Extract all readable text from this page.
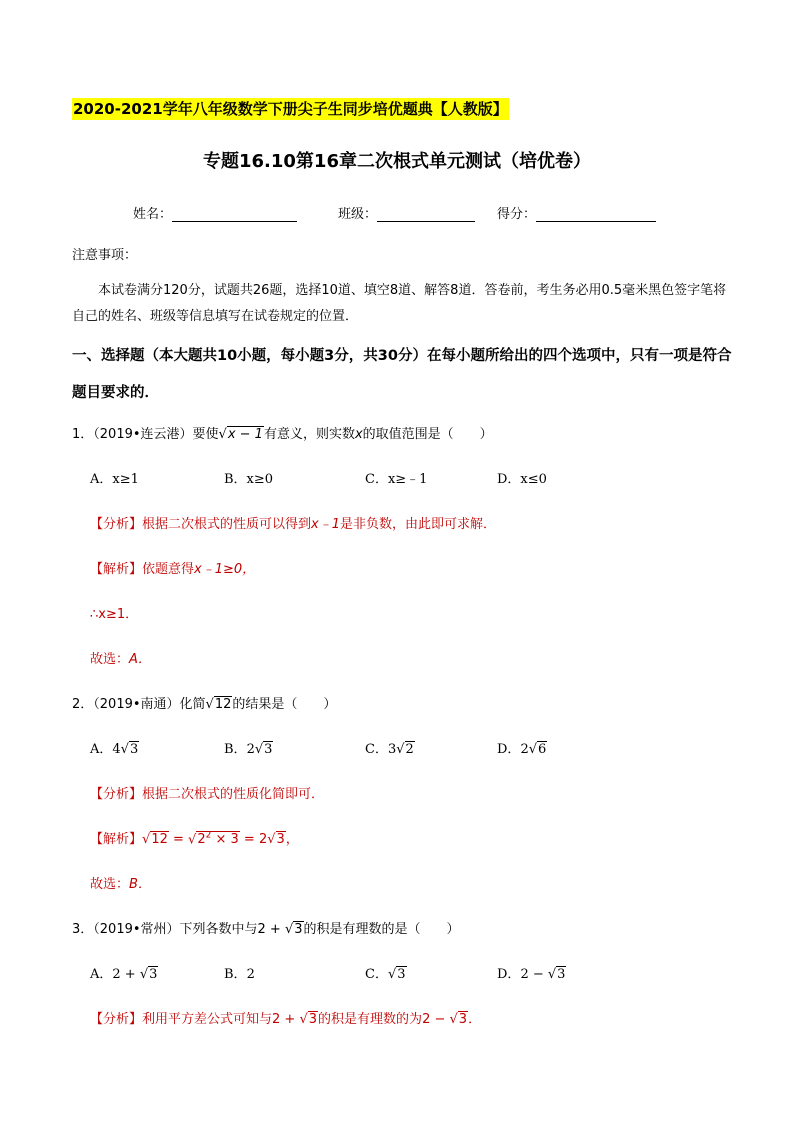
2020-2021学年八年级数学下册尖子生同步培优题典【人教版】
专题16.10第16章二次根式单元测试（培优卷）
姓名：	班级：	得分：
注意事项：
本试卷满分120分，试题共26题，选择10道、填空8道、解答8道．答卷前，考生务必用0.5毫米黑色签字笔将自己的姓名、班级等信息填写在试卷规定的位置．
一、选择题（本大题共10小题，每小题3分，共30分）在每小题所给出的四个选项中，只有一项是符合题目要求的．
1．（2019•连云港）要使√x − 1有意义，则实数x的取值范围是（　　）
A．x≥1	B．x≥0	C．x≥﹣1	D．x≤0
【分析】根据二次根式的性质可以得到x﹣1是非负数，由此即可求解．
【解析】依题意得x﹣1≥0，
∴x≥1．
故选：A．
2．（2019•南通）化简√12的结果是（　　）
A．4√3	B．2√3	C．3√2	D．2√6
【分析】根据二次根式的性质化简即可．
【解析】$√12 = √2^2 \times 3 = 2√3$，
故选：B．
3．（2019•常州）下列各数中与2 + √3的积是有理数的是（　　）
A．2 + √3	B．2	C．√3	D．2 − √3
【分析】利用平方差公式可知与2 + √3的积是有理数的为2 − √3．
